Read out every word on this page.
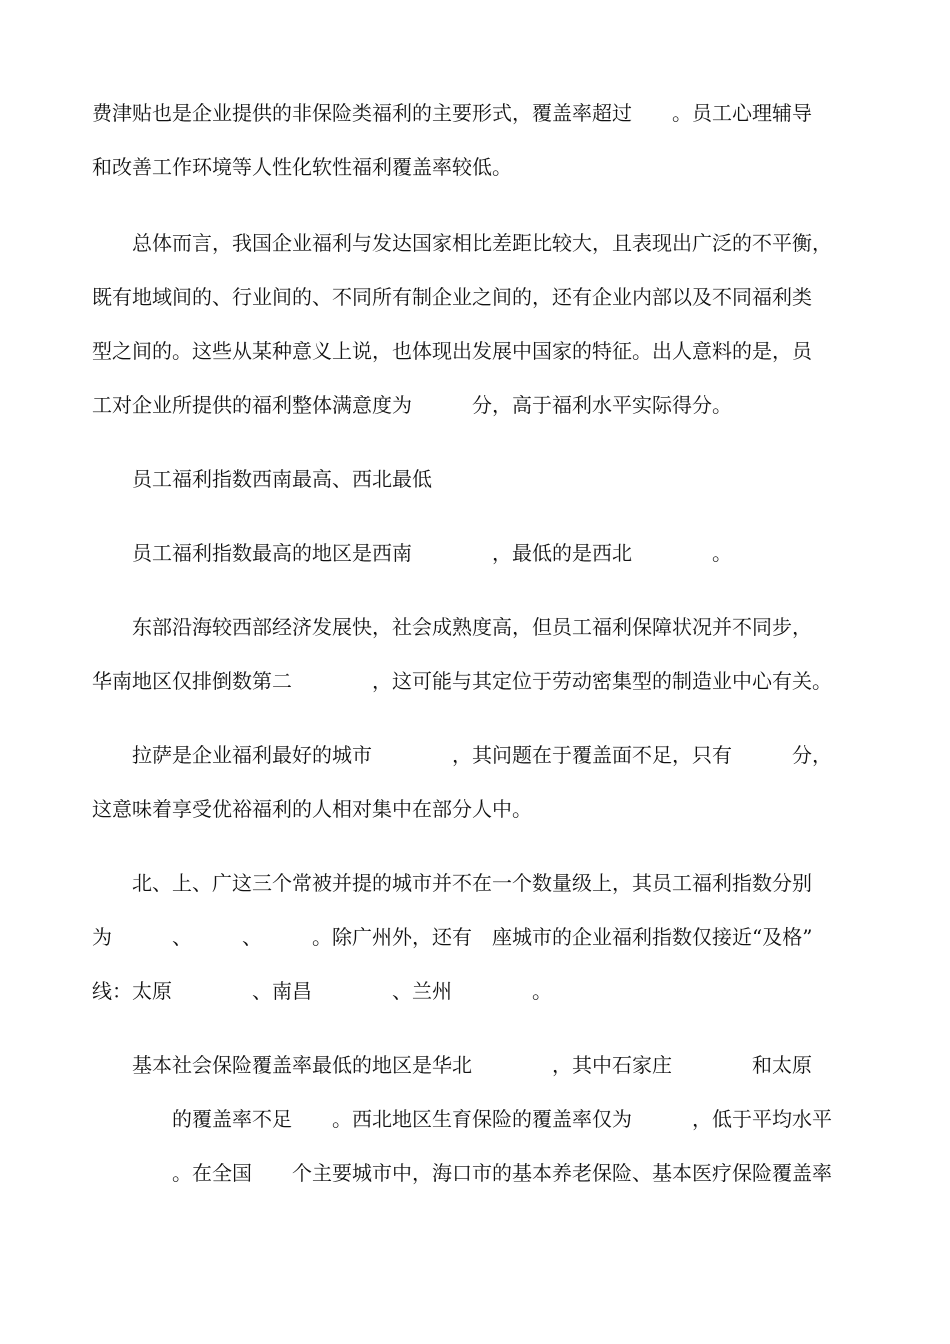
费津贴也是企业提供的非保险类福利的主要形式，覆盖率超过　　。员工心理辅导
和改善工作环境等人性化软性福利覆盖率较低。
　　总体而言，我国企业福利与发达国家相比差距比较大，且表现出广泛的不平衡，
既有地域间的、行业间的、不同所有制企业之间的，还有企业内部以及不同福利类
型之间的。这些从某种意义上说，也体现出发展中国家的特征。出人意料的是，员
工对企业所提供的福利整体满意度为　　　分，高于福利水平实际得分。
　　员工福利指数西南最高、西北最低
　　员工福利指数最高的地区是西南　　　　，最低的是西北　　　　。
　　东部沿海较西部经济发展快，社会成熟度高，但员工福利保障状况并不同步，
华南地区仅排倒数第二　　　　，这可能与其定位于劳动密集型的制造业中心有关。
　　拉萨是企业福利最好的城市　　　　，其问题在于覆盖面不足，只有　　　分，
这意味着享受优裕福利的人相对集中在部分人中。
　　北、上、广这三个常被并提的城市并不在一个数量级上，其员工福利指数分别
为　　　、　　　、　　　。除广州外，还有　座城市的企业福利指数仅接近“及格”
线：太原　　　　、南昌　　　　、兰州　　　　。
　　基本社会保险覆盖率最低的地区是华北　　　　，其中石家庄　　　　和太原
　　　　的覆盖率不足　　。西北地区生育保险的覆盖率仅为　　　，低于平均水平
　　　　。在全国　　个主要城市中，海口市的基本养老保险、基本医疗保险覆盖率
